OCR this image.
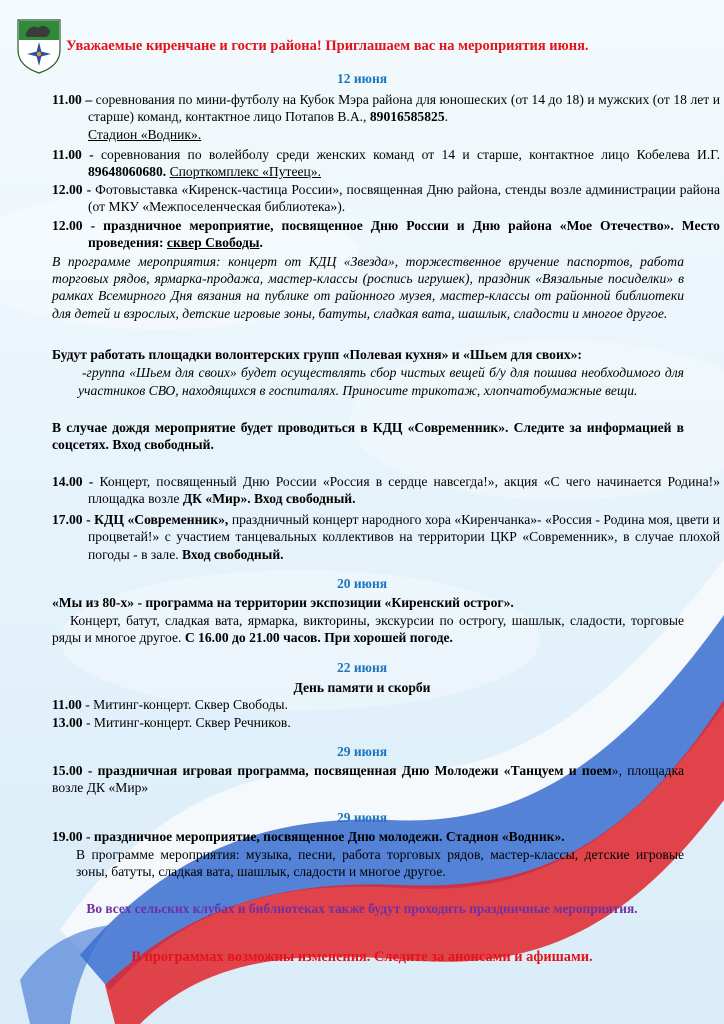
Уважаемые киренчане и гости района! Приглашаем вас на мероприятия июня.
12 июня
11.00 – соревнования по мини-футболу на Кубок Мэра района для юношеских (от 14 до 18) и мужских (от 18 лет и старше) команд, контактное лицо Потапов В.А., 89016585825.
Стадион «Водник».
11.00 - соревнования по волейболу среди женских команд от 14 и старше, контактное лицо Кобелева И.Г. 89648060680. Спорткомплекс «Путеец».
12.00 - Фотовыставка «Киренск-частица России», посвященная Дню района, стенды возле администрации района (от МКУ «Межпоселенческая библиотека»).
12.00 - праздничное мероприятие, посвященное Дню России и Дню района «Мое Отечество». Место проведения: сквер Свободы.
В программе мероприятия: концерт от КДЦ «Звезда», торжественное вручение паспортов, работа торговых рядов, ярмарка-продажа, мастер-классы (роспись игрушек), праздник «Вязальные посиделки» в рамках Всемирного Дня вязания на публике от районного музея, мастер-классы от районной библиотеки для детей и взрослых, детские игровые зоны, батуты, сладкая вата, шашлык, сладости и многое другое.
Будут работать площадки волонтерских групп «Полевая кухня» и «Шьем для своих»:
-группа «Шьем для своих» будет осуществлять сбор чистых вещей б/у для пошива необходимого для участников СВО, находящихся в госпиталях. Приносите трикотаж, хлопчатобумажные вещи.
В случае дождя мероприятие будет проводиться в КДЦ «Современник». Следите за информацией в соцсетях. Вход свободный.
14.00 - Концерт, посвященный Дню России «Россия в сердце навсегда!», акция «С чего начинается Родина!» площадка возле ДК «Мир». Вход свободный.
17.00 - КДЦ «Современник», праздничный концерт народного хора «Киренчанка»- «Россия - Родина моя, цвети и процветай!» с участием танцевальных коллективов на территории ЦКР «Современник», в случае плохой погоды - в зале. Вход свободный.
20 июня
«Мы из 80-х» - программа на территории экспозиции «Киренский острог».
Концерт, батут, сладкая вата, ярмарка, викторины, экскурсии по острогу, шашлык, сладости, торговые ряды и многое другое. С 16.00 до 21.00 часов. При хорошей погоде.
22 июня
День памяти и скорби
11.00 - Митинг-концерт. Сквер Свободы.
13.00 - Митинг-концерт. Сквер Речников.
29 июня
15.00 - праздничная игровая программа, посвященная Дню Молодежи «Танцуем и поем», площадка возле ДК «Мир»
29 июня
19.00 - праздничное мероприятие, посвященное Дню молодежи. Стадион «Водник».
В программе мероприятия: музыка, песни, работа торговых рядов, мастер-классы, детские игровые зоны, батуты, сладкая вата, шашлык, сладости и многое другое.
Во всех сельских клубах и библиотеках также будут проходить праздничные мероприятия.
В программах возможны изменения. Следите за анонсами и афишами.
